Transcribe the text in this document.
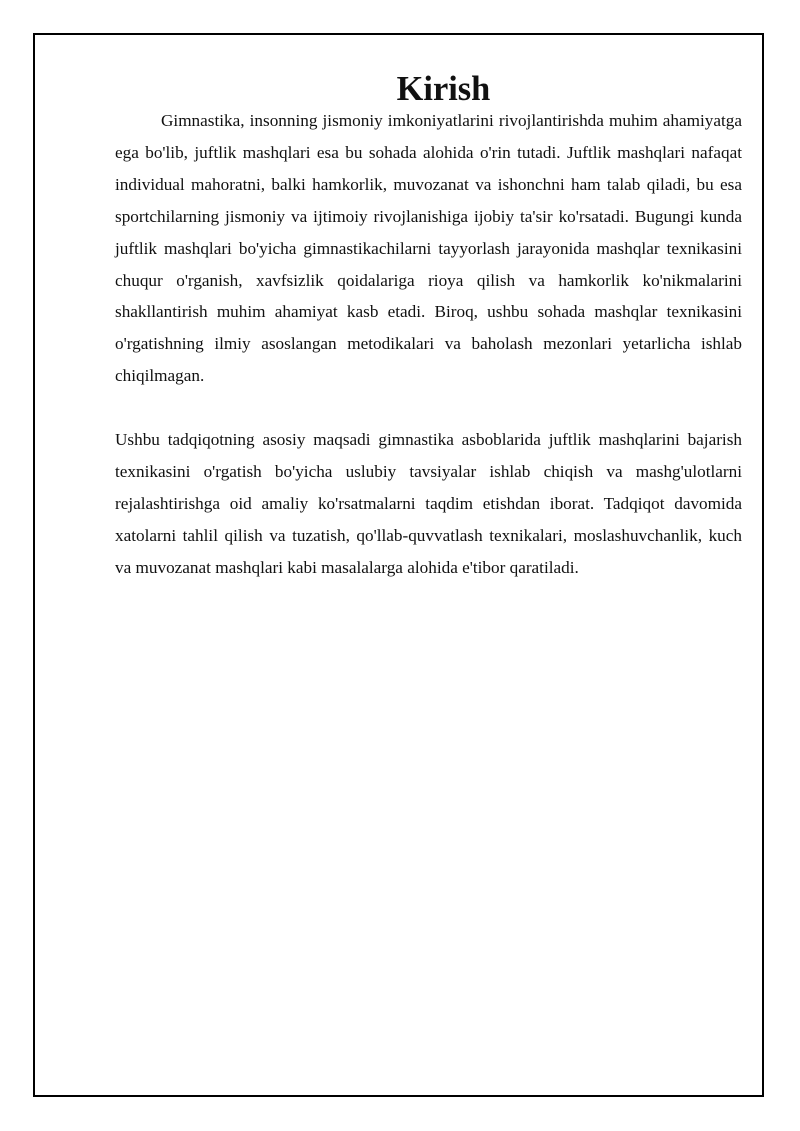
Kirish

Gimnastika, insonning jismoniy imkoniyatlarini rivojlantirishda muhim ahamiyatga ega bo'lib, juftlik mashqlari esa bu sohada alohida o'rin tutadi. Juftlik mashqlari nafaqat individual mahoratni, balki hamkorlik, muvozanat va ishonchni ham talab qiladi, bu esa sportchilarning jismoniy va ijtimoiy rivojlanishiga ijobiy ta'sir ko'rsatadi. Bugungi kunda juftlik mashqlari bo'yicha gimnastikachilarni tayyorlash jarayonida mashqlar texnikasini chuqur o'rganish, xavfsizlik qoidalariga rioya qilish va hamkorlik ko'nikmalarini shakllantirish muhim ahamiyat kasb etadi. Biroq, ushbu sohada mashqlar texnikasini o'rgatishning ilmiy asoslangan metodikalari va baholash mezonlari yetarlicha ishlab chiqilmagan.

Ushbu tadqiqotning asosiy maqsadi gimnastika asboblarida juftlik mashqlarini bajarish texnikasini o'rgatish bo'yicha uslubiy tavsiyalar ishlab chiqish va mashg'ulotlarni rejalashtirishga oid amaliy ko'rsatmalarni taqdim etishdan iborat. Tadqiqot davomida xatolarni tahlil qilish va tuzatish, qo'llab-quvvatlash texnikalari, moslashuvchanlik, kuch va muvozanat mashqlari kabi masalalarga alohida e'tibor qaratiladi.
